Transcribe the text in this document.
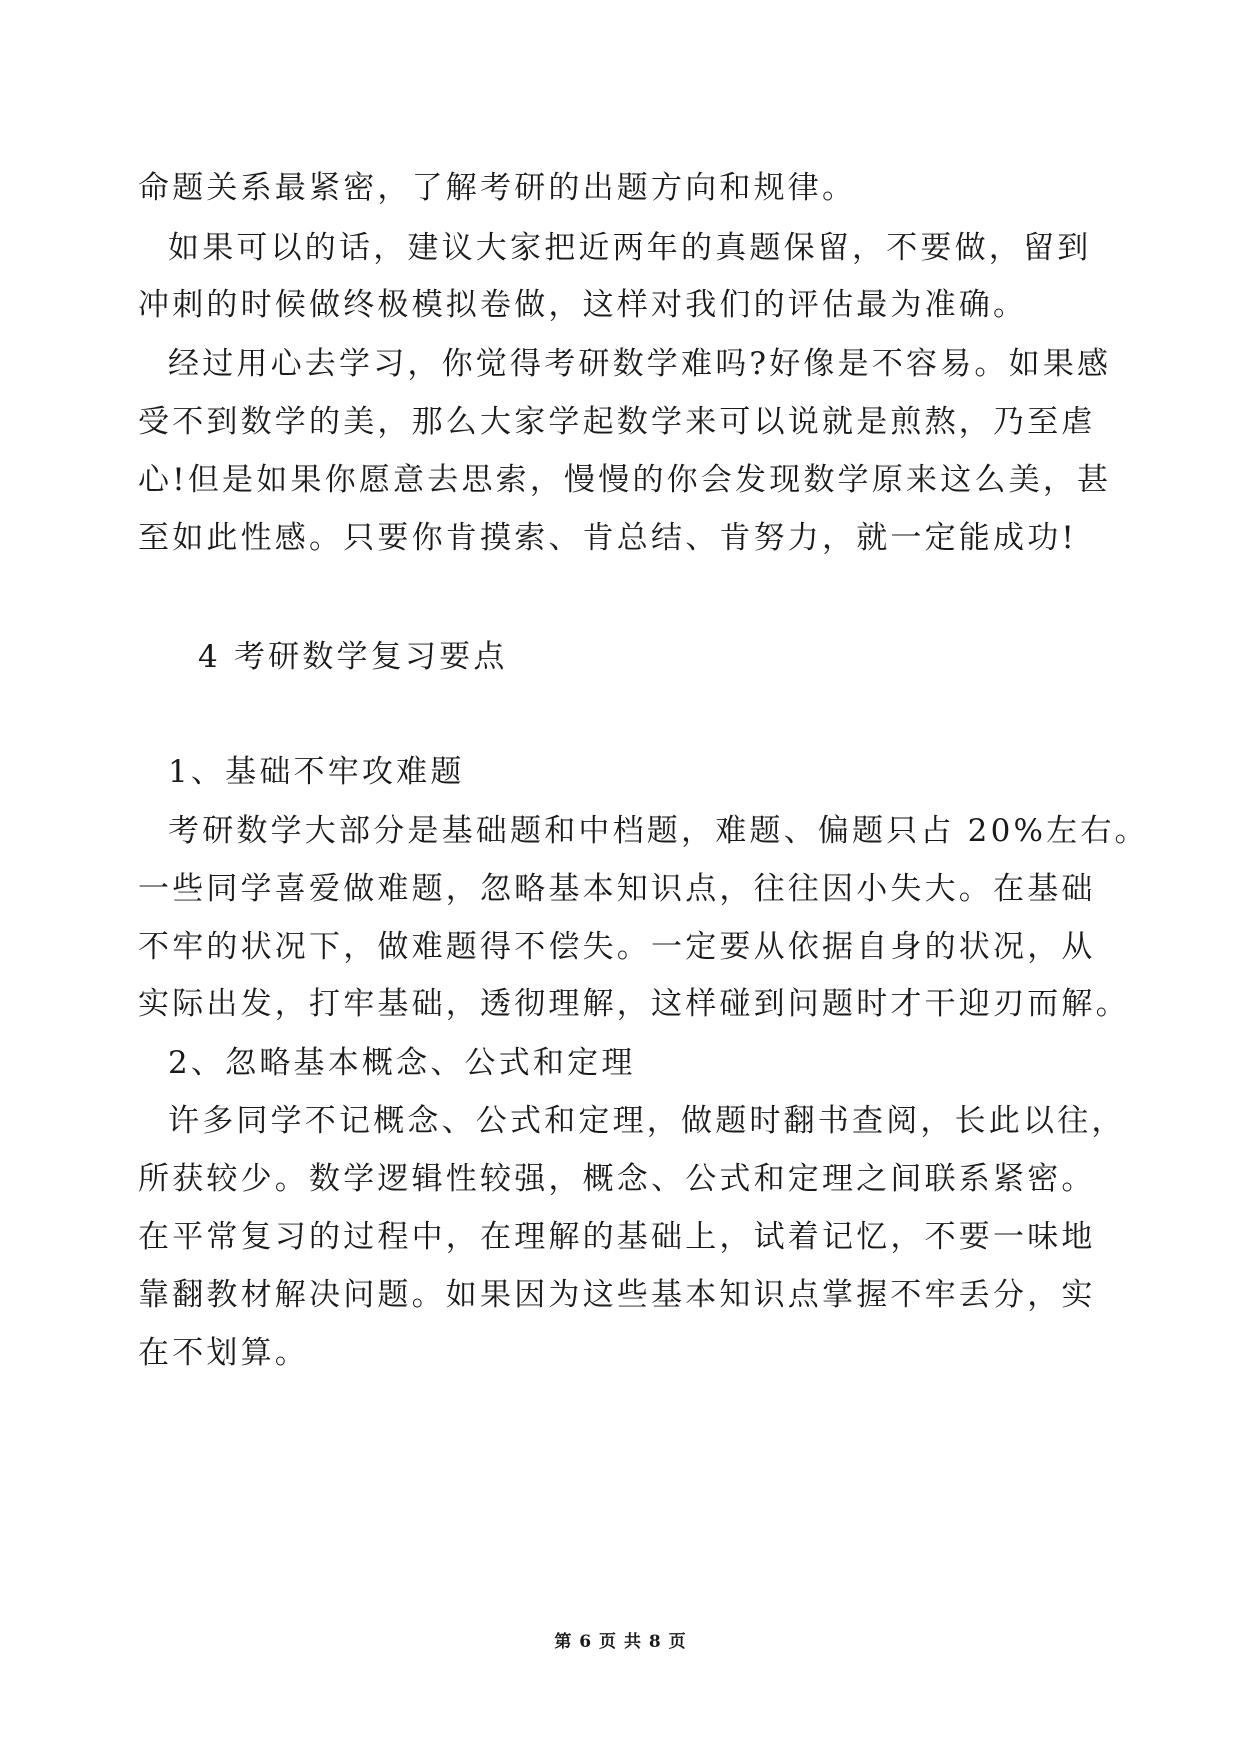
命题关系最紧密，了解考研的出题方向和规律。
如果可以的话，建议大家把近两年的真题保留，不要做，留到
冲刺的时候做终极模拟卷做，这样对我们的评估最为准确。
经过用心去学习，你觉得考研数学难吗?好像是不容易。如果感
受不到数学的美，那么大家学起数学来可以说就是煎熬，乃至虐
心!但是如果你愿意去思索，慢慢的你会发现数学原来这么美，甚
至如此性感。只要你肯摸索、肯总结、肯努力，就一定能成功!
4 考研数学复习要点
1、基础不牢攻难题
考研数学大部分是基础题和中档题，难题、偏题只占 20%左右。
一些同学喜爱做难题，忽略基本知识点，往往因小失大。在基础
不牢的状况下，做难题得不偿失。一定要从依据自身的状况，从
实际出发，打牢基础，透彻理解，这样碰到问题时才干迎刃而解。
2、忽略基本概念、公式和定理
许多同学不记概念、公式和定理，做题时翻书查阅，长此以往，
所获较少。数学逻辑性较强，概念、公式和定理之间联系紧密。
在平常复习的过程中，在理解的基础上，试着记忆，不要一味地
靠翻教材解决问题。如果因为这些基本知识点掌握不牢丢分，实
在不划算。
第 6 页 共 8 页
